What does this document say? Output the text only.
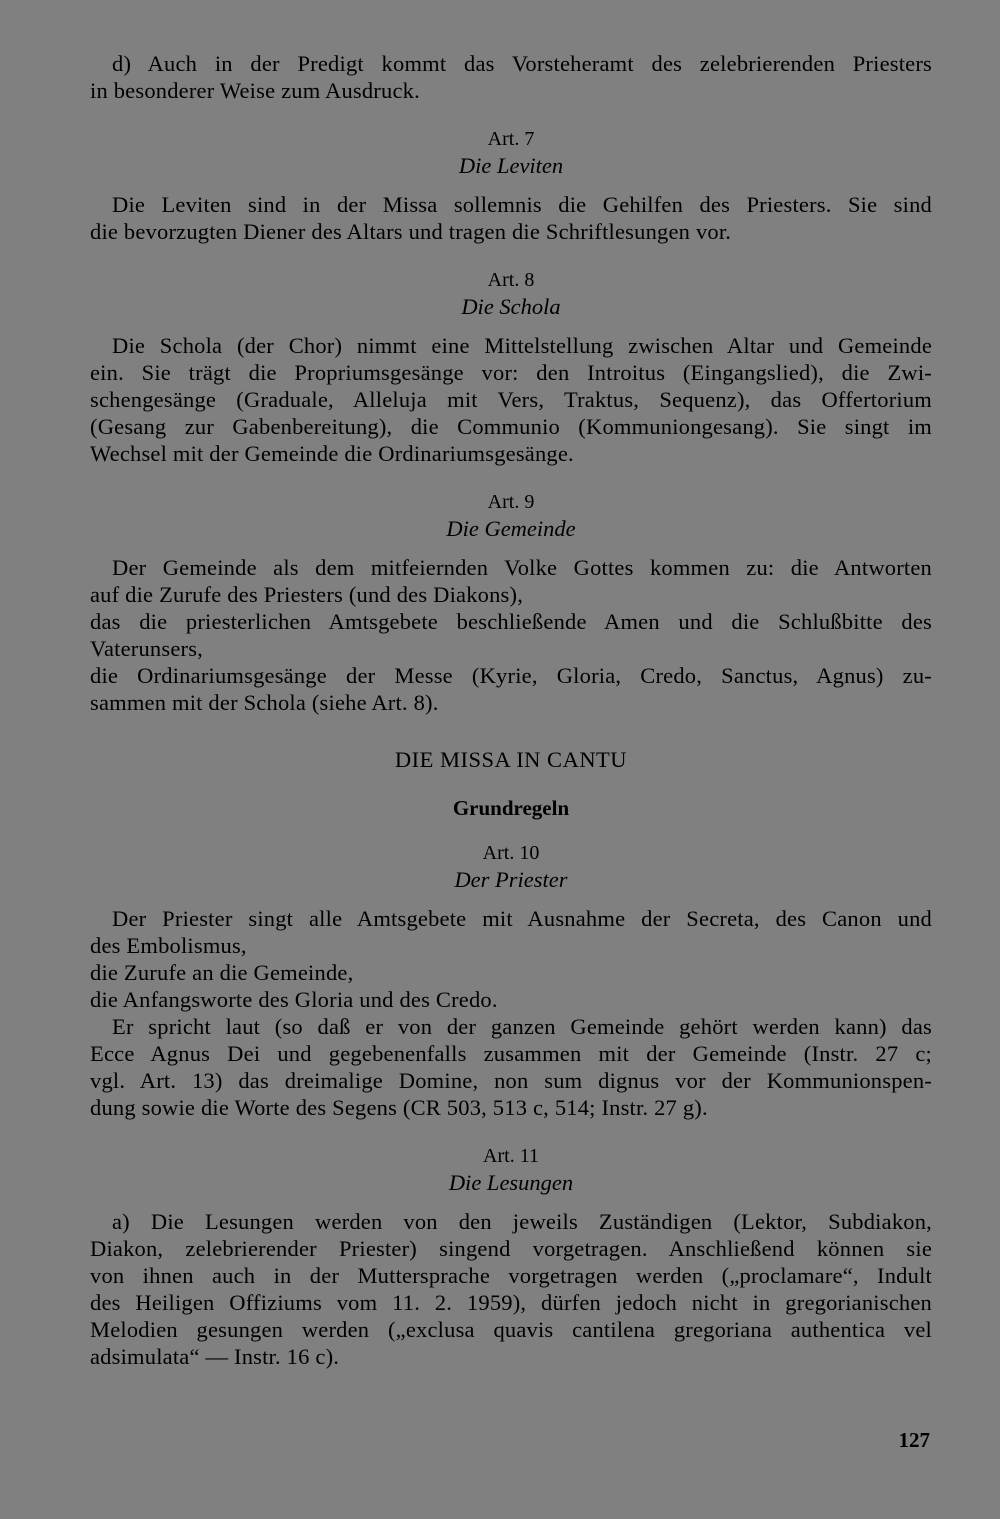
d) Auch in der Predigt kommt das Vorsteheramt des zelebrierenden Priesters
in besonderer Weise zum Ausdruck.

Art. 7

Die Leviten

Die Leviten sind in der Missa sollemnis die Gehilfen des Priesters. Sie sind
die bevorzugten Diener des Altars und tragen die Schriftlesungen vor.

Art. 8

Die Schola

Die Schola (der Chor) nimmt eine Mittelstellung zwischen Altar und Gemeinde
ein. Sie trägt die Propriumsgesänge vor: den Introitus (Eingangslied), die Zwi-
schengesänge (Graduale, Alleluja mit Vers, Traktus, Sequenz), das Offertorium
(Gesang zur Gabenbereitung), die Communio (Kommuniongesang). Sie singt im
Wechsel mit der Gemeinde die Ordinariumsgesänge.

Art. 9

Die Gemeinde

Der Gemeinde als dem mitfeiernden Volke Gottes kommen zu: die Antworten
auf die Zurufe des Priesters (und des Diakons),
das die priesterlichen Amtsgebete beschließende Amen und die Schlußbitte des
Vaterunsers,
die Ordinariumsgesänge der Messe (Kyrie, Gloria, Credo, Sanctus, Agnus) zu-
sammen mit der Schola (siehe Art. 8).

DIE MISSA IN CANTU

Grundregeln

Art. 10

Der Priester

Der Priester singt alle Amtsgebete mit Ausnahme der Secreta, des Canon und
des Embolismus,
die Zurufe an die Gemeinde,
die Anfangsworte des Gloria und des Credo.
Er spricht laut (so daß er von der ganzen Gemeinde gehört werden kann) das
Ecce Agnus Dei und gegebenenfalls zusammen mit der Gemeinde (Instr. 27 c;
vgl. Art. 13) das dreimalige Domine, non sum dignus vor der Kommunionspen-
dung sowie die Worte des Segens (CR 503, 513 c, 514; Instr. 27 g).

Art. 11

Die Lesungen

a) Die Lesungen werden von den jeweils Zuständigen (Lektor, Subdiakon,
Diakon, zelebrierender Priester) singend vorgetragen. Anschließend können sie
von ihnen auch in der Muttersprache vorgetragen werden („proclamare“, Indult
des Heiligen Offiziums vom 11. 2. 1959), dürfen jedoch nicht in gregorianischen
Melodien gesungen werden („exclusa quavis cantilena gregoriana authentica vel
adsimulata“ — Instr. 16 c).

127
